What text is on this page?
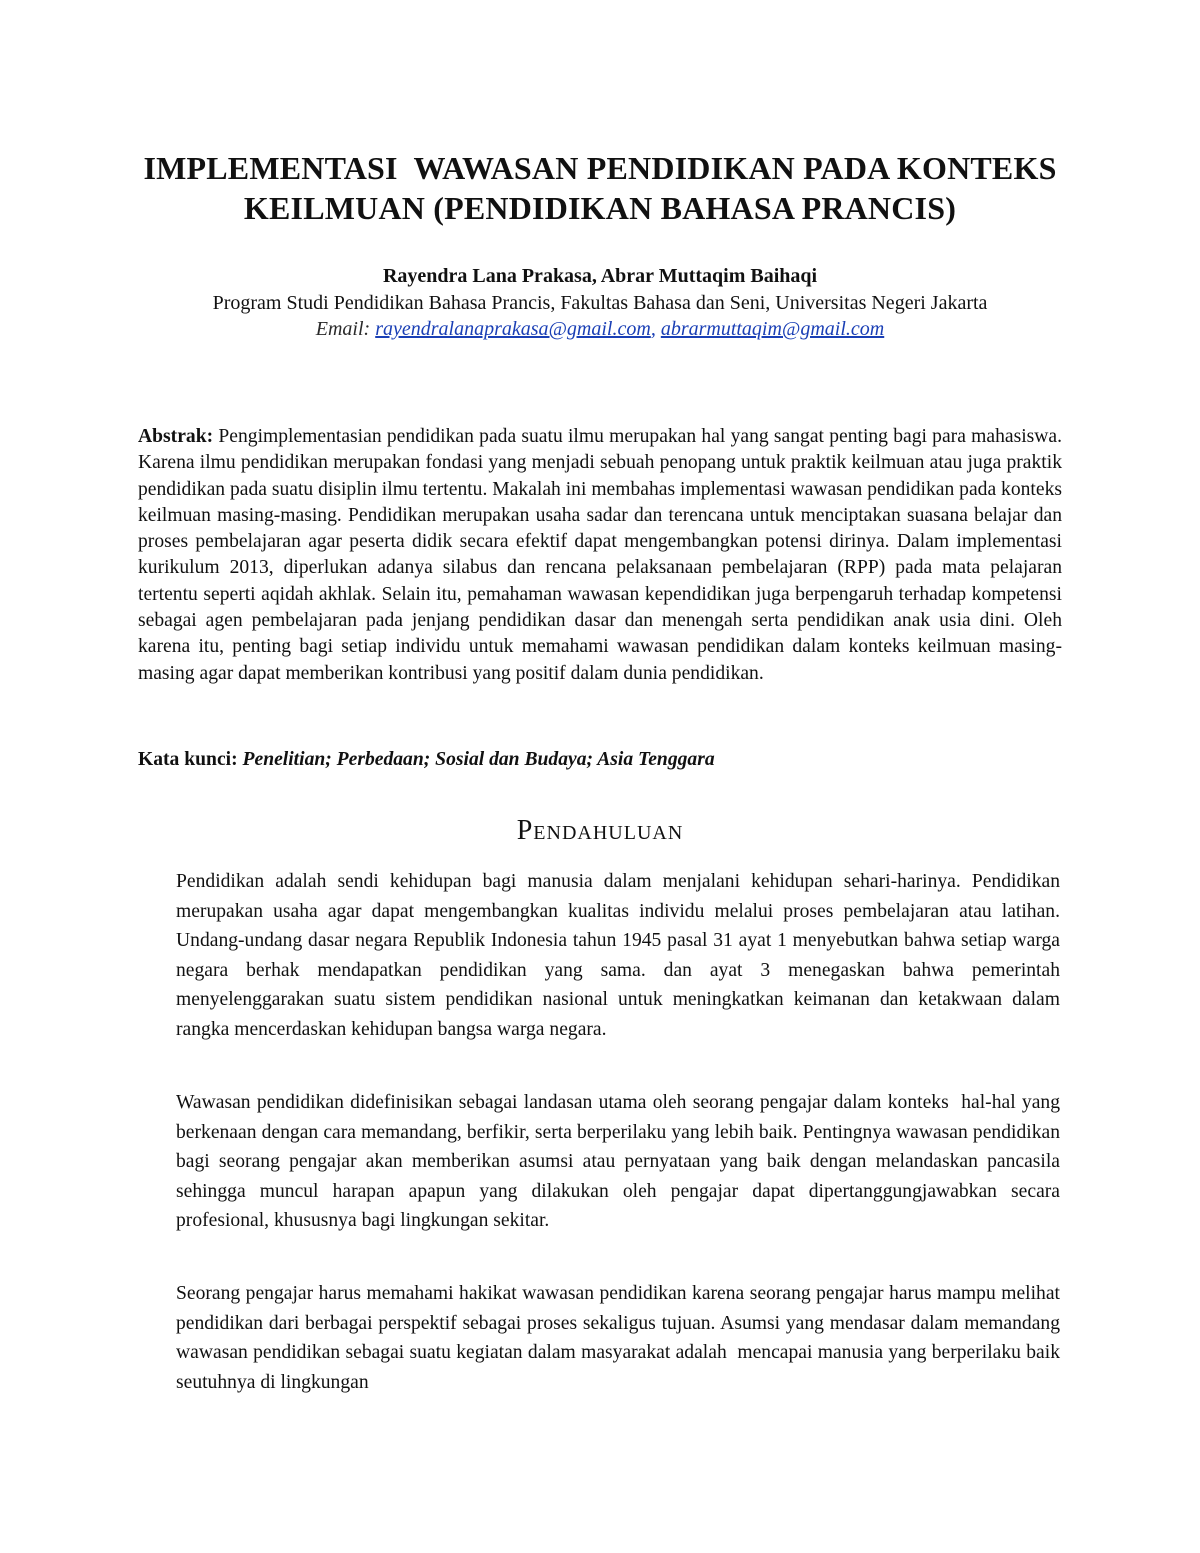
IMPLEMENTASI  WAWASAN PENDIDIKAN PADA KONTEKS
KEILMUAN (PENDIDIKAN BAHASA PRANCIS)
Rayendra Lana Prakasa, Abrar Muttaqim Baihaqi
Program Studi Pendidikan Bahasa Prancis, Fakultas Bahasa dan Seni, Universitas Negeri Jakarta
Email: rayendralanaprakasa@gmail.com, abrarmuttaqim@gmail.com

Abstrak: Pengimplementasian pendidikan pada suatu ilmu merupakan hal yang sangat penting bagi para mahasiswa. Karena ilmu pendidikan merupakan fondasi yang menjadi sebuah penopang untuk praktik keilmuan atau juga praktik pendidikan pada suatu disiplin ilmu tertentu. Makalah ini membahas implementasi wawasan pendidikan pada konteks keilmuan masing-masing. Pendidikan merupakan usaha sadar dan terencana untuk menciptakan suasana belajar dan proses pembelajaran agar peserta didik secara efektif dapat mengembangkan potensi dirinya. Dalam implementasi kurikulum 2013, diperlukan adanya silabus dan rencana pelaksanaan pembelajaran (RPP) pada mata pelajaran tertentu seperti aqidah akhlak. Selain itu, pemahaman wawasan kependidikan juga berpengaruh terhadap kompetensi sebagai agen pembelajaran pada jenjang pendidikan dasar dan menengah serta pendidikan anak usia dini. Oleh karena itu, penting bagi setiap individu untuk memahami wawasan pendidikan dalam konteks keilmuan masing-masing agar dapat memberikan kontribusi yang positif dalam dunia pendidikan.

Kata kunci: Penelitian; Perbedaan; Sosial dan Budaya; Asia Tenggara
Pendahuluan

Pendidikan adalah sendi kehidupan bagi manusia dalam menjalani kehidupan sehari-harinya. Pendidikan merupakan usaha agar dapat mengembangkan kualitas individu melalui proses pembelajaran atau latihan. Undang-undang dasar negara Republik Indonesia tahun 1945 pasal 31 ayat 1 menyebutkan bahwa setiap warga negara berhak mendapatkan pendidikan yang sama. dan ayat 3 menegaskan bahwa pemerintah menyelenggarakan suatu sistem pendidikan nasional untuk meningkatkan keimanan dan ketakwaan dalam rangka mencerdaskan kehidupan bangsa warga negara.

Wawasan pendidikan didefinisikan sebagai landasan utama oleh seorang pengajar dalam konteks  hal-hal yang berkenaan dengan cara memandang, berfikir, serta berperilaku yang lebih baik. Pentingnya wawasan pendidikan bagi seorang pengajar akan memberikan asumsi atau pernyataan yang baik dengan melandaskan pancasila sehingga muncul harapan apapun yang dilakukan oleh pengajar dapat dipertanggungjawabkan secara profesional, khususnya bagi lingkungan sekitar.

Seorang pengajar harus memahami hakikat wawasan pendidikan karena seorang pengajar harus mampu melihat pendidikan dari berbagai perspektif sebagai proses sekaligus tujuan. Asumsi yang mendasar dalam memandang wawasan pendidikan sebagai suatu kegiatan dalam masyarakat adalah  mencapai manusia yang berperilaku baik seutuhnya di lingkungan
